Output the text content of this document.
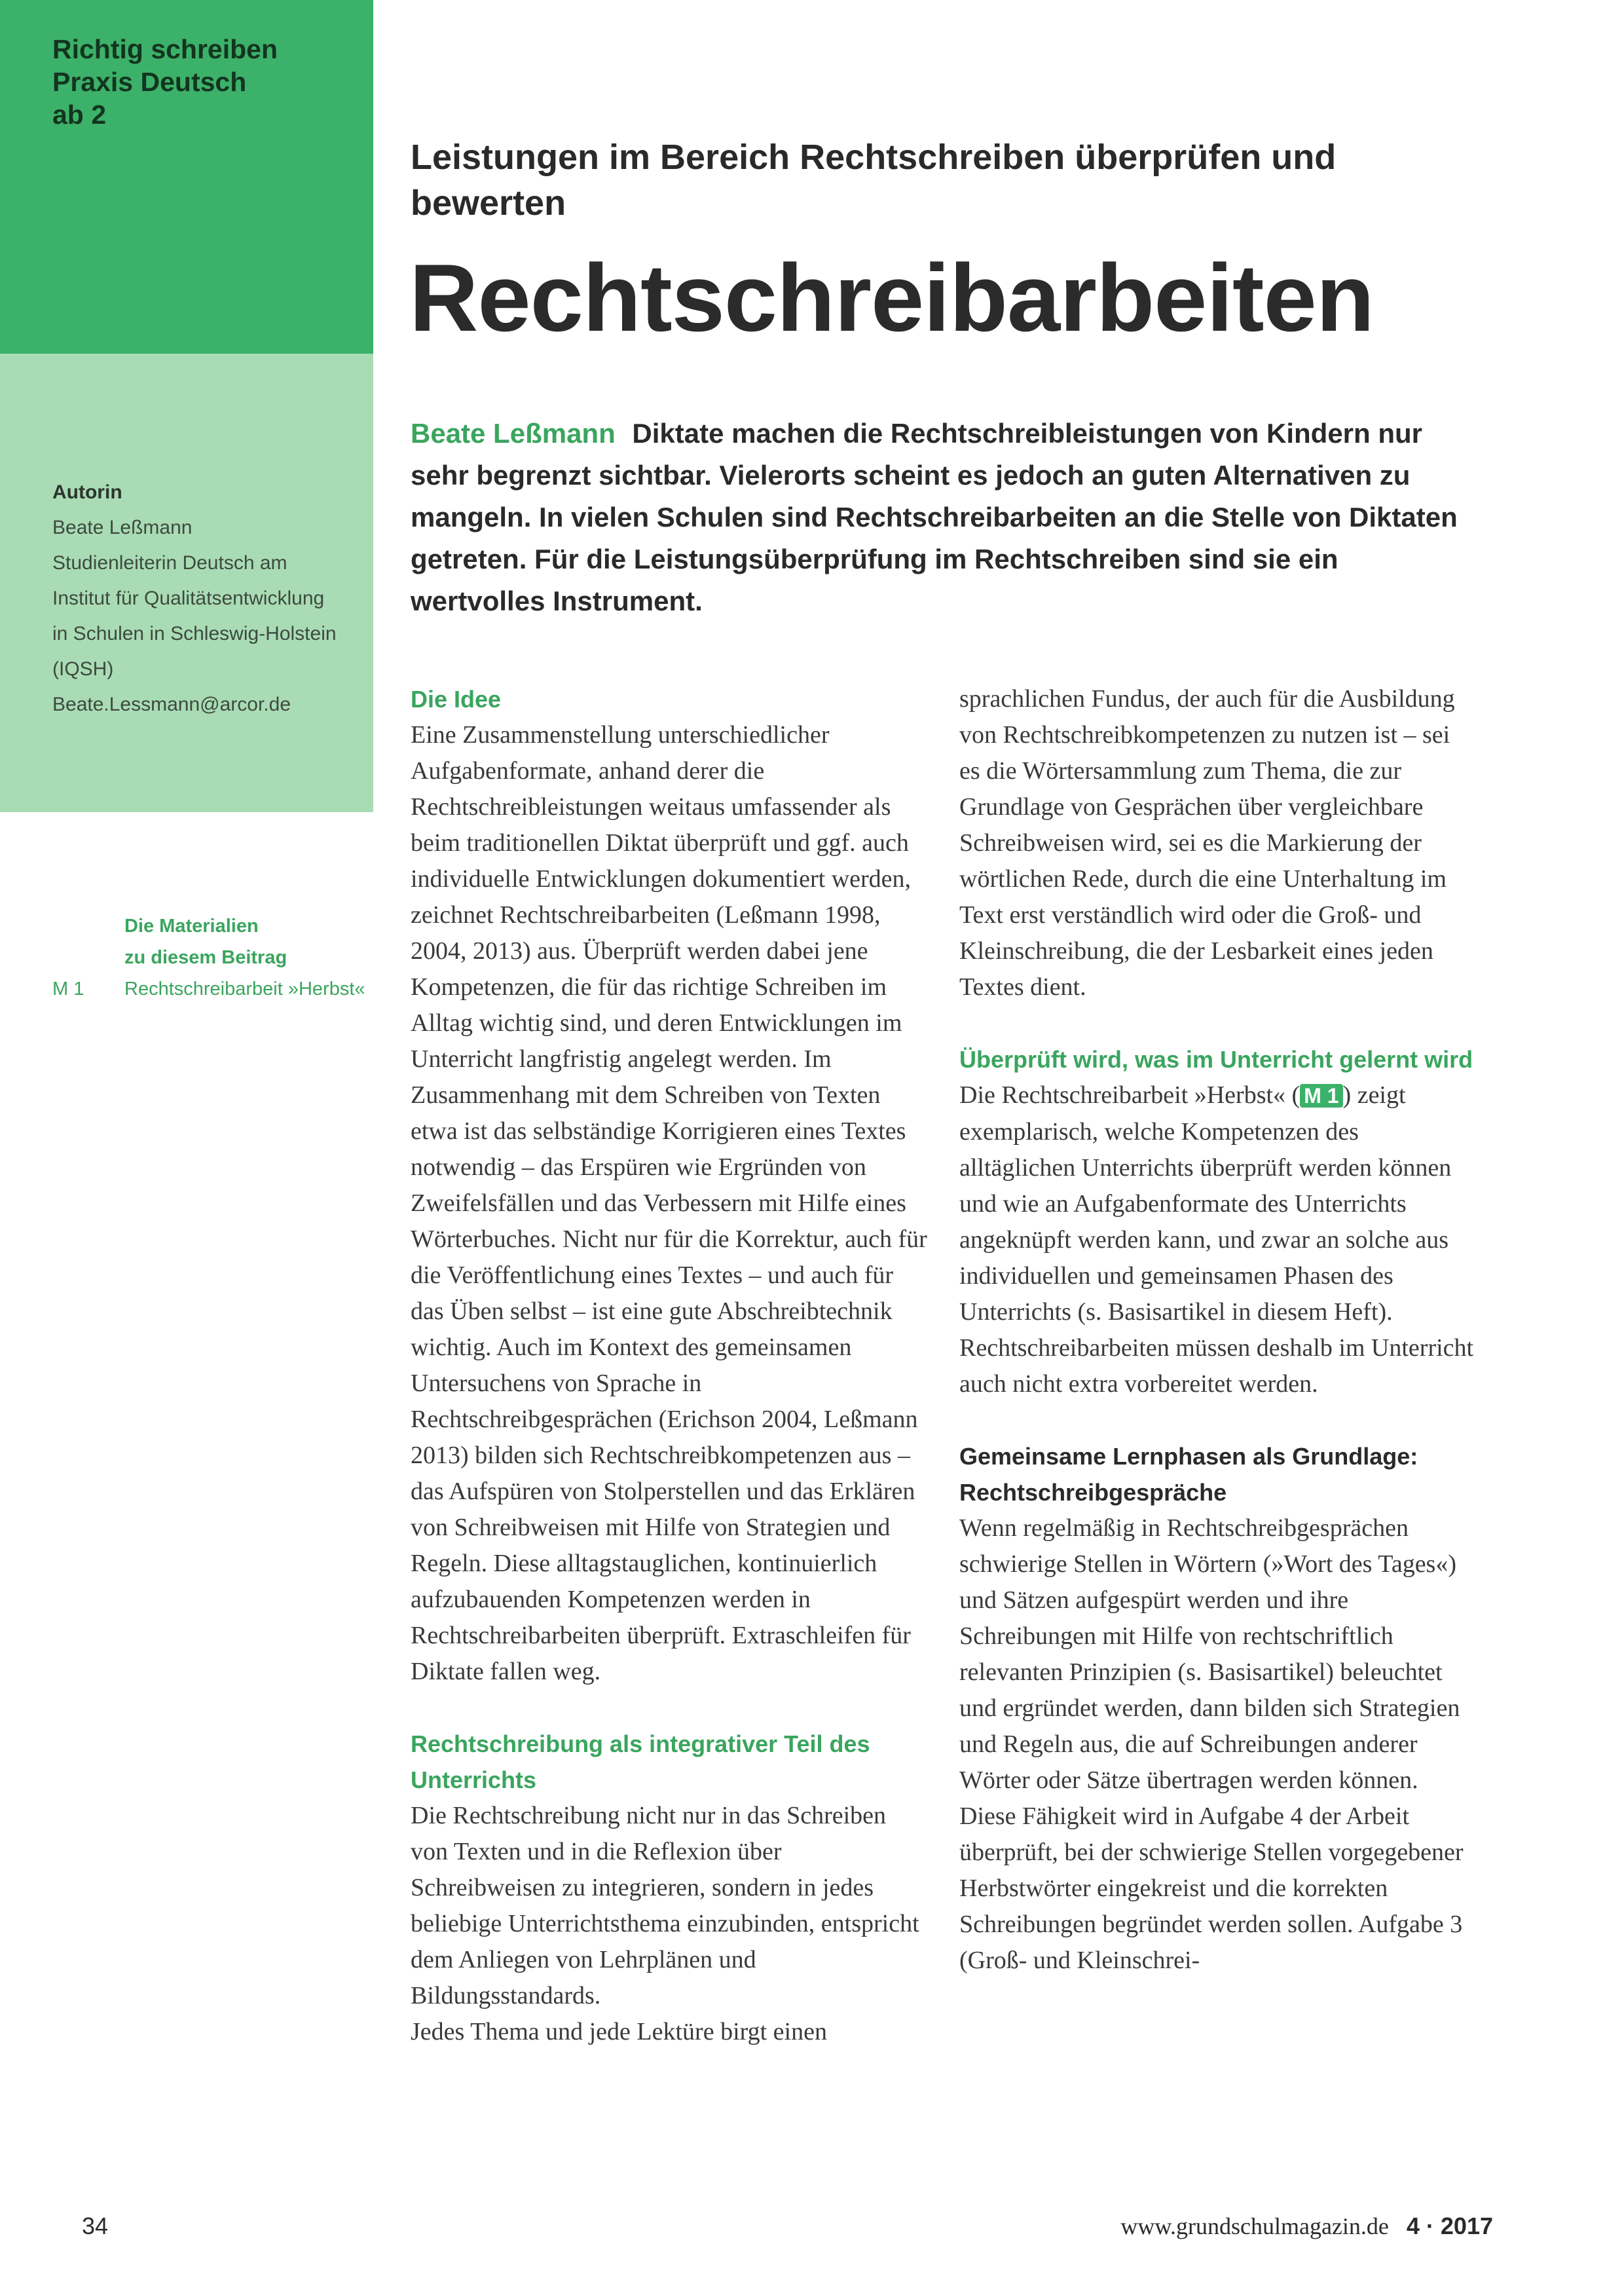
Richtig schreiben
Praxis Deutsch
ab 2
Autorin
Beate Leßmann
Studienleiterin Deutsch am
Institut für Qualitätsentwicklung
in Schulen in Schleswig-Holstein
(IQSH)
Beate.Lessmann@arcor.de
Die Materialien
zu diesem Beitrag
M 1	Rechtschreibarbeit »Herbst«
Leistungen im Bereich Rechtschreiben überprüfen und
bewerten
Rechtschreibarbeiten
Beate Leßmann Diktate machen die Rechtschreibleistungen von Kindern nur sehr begrenzt sichtbar. Vielerorts scheint es jedoch an guten Alternativen zu mangeln. In vielen Schulen sind Rechtschreibarbeiten an die Stelle von Diktaten getreten. Für die Leistungsüberprüfung im Rechtschreiben sind sie ein wertvolles Instrument.

Die Idee

Eine Zusammenstellung unterschiedlicher Aufgabenformate, anhand derer die Rechtschreibleistungen weitaus umfassender als beim traditionellen Diktat überprüft und ggf. auch individuelle Entwicklungen dokumentiert werden, zeichnet Rechtschreibarbeiten (Leßmann 1998, 2004, 2013) aus. Überprüft werden dabei jene Kompetenzen, die für das richtige Schreiben im Alltag wichtig sind, und deren Entwicklungen im Unterricht langfristig angelegt werden. Im Zusammenhang mit dem Schreiben von Texten etwa ist das selbständige Korrigieren eines Textes notwendig – das Erspüren wie Ergründen von Zweifelsfällen und das Verbessern mit Hilfe eines Wörterbuches. Nicht nur für die Korrektur, auch für die Veröffentlichung eines Textes – und auch für das Üben selbst – ist eine gute Abschreibtechnik wichtig. Auch im Kontext des gemeinsamen Untersuchens von Sprache in Rechtschreibgesprächen (Erichson 2004, Leßmann 2013) bilden sich Rechtschreibkompetenzen aus – das Aufspüren von Stolperstellen und das Erklären von Schreibweisen mit Hilfe von Strategien und Regeln. Diese alltagstauglichen, kontinuierlich aufzubauenden Kompetenzen werden in Rechtschreibarbeiten überprüft. Extraschleifen für Diktate fallen weg.

Rechtschreibung als integrativer Teil des Unterrichts

Die Rechtschreibung nicht nur in das Schreiben von Texten und in die Reflexion über Schreibweisen zu integrieren, sondern in jedes beliebige Unterrichtsthema einzubinden, entspricht dem Anliegen von Lehrplänen und Bildungsstandards.

Jedes Thema und jede Lektüre birgt einen

sprachlichen Fundus, der auch für die Ausbildung von Rechtschreibkompetenzen zu nutzen ist – sei es die Wörtersammlung zum Thema, die zur Grundlage von Gesprächen über vergleichbare Schreibweisen wird, sei es die Markierung der wörtlichen Rede, durch die eine Unterhaltung im Text erst verständlich wird oder die Groß- und Kleinschreibung, die der Lesbarkeit eines jeden Textes dient.

Überprüft wird, was im Unterricht gelernt wird

Die Rechtschreibarbeit »Herbst« ( M 1 ) zeigt exemplarisch, welche Kompetenzen des alltäglichen Unterrichts überprüft werden können und wie an Aufgabenformate des Unterrichts angeknüpft werden kann, und zwar an solche aus individuellen und gemeinsamen Phasen des Unterrichts (s. Basisartikel in diesem Heft). Rechtschreibarbeiten müssen deshalb im Unterricht auch nicht extra vorbereitet werden.

Gemeinsame Lernphasen als Grundlage: Rechtschreibgespräche

Wenn regelmäßig in Rechtschreibgesprächen schwierige Stellen in Wörtern (»Wort des Tages«) und Sätzen aufgespürt werden und ihre Schreibungen mit Hilfe von rechtschriftlich relevanten Prinzipien (s. Basisartikel) beleuchtet und ergründet werden, dann bilden sich Strategien und Regeln aus, die auf Schreibungen anderer Wörter oder Sätze übertragen werden können. Diese Fähigkeit wird in Aufgabe 4 der Arbeit überprüft, bei der schwierige Stellen vorgegebener Herbstwörter eingekreist und die korrekten Schreibungen begründet werden sollen. Aufgabe 3 (Groß- und Kleinschrei-

34	www.grundschulmagazin.de 4 · 2017
